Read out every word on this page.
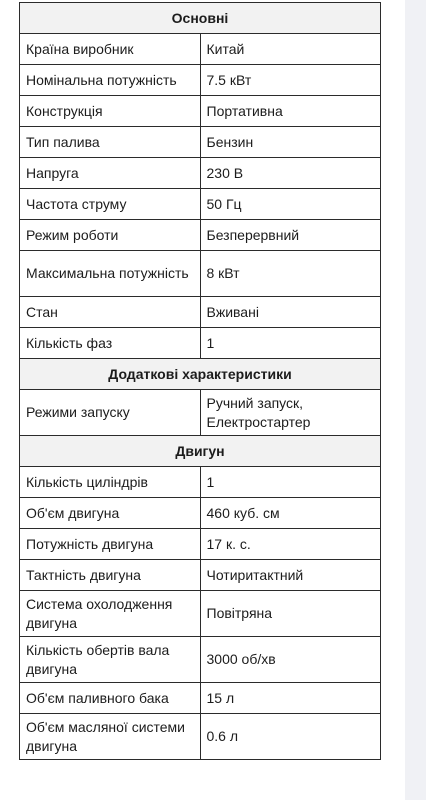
Основні	
Країна виробник	Китай
Номінальна потужність	7.5 кВт
Конструкція	Портативна
Тип палива	Бензин
Напруга	230 В
Частота струму	50 Гц
Режим роботи	Безперервний
Максимальна потужність	8 кВт
Стан	Вживані
Кількість фаз	1
Додаткові характеристики	
Режими запуску	Ручний запуск, Електростартер
Двигун	
Кількість циліндрів	1
Об'єм двигуна	460 куб. см
Потужність двигуна	17 к. с.
Тактність двигуна	Чотиритактний
Система охолодження двигуна	Повітряна
Кількість обертів вала двигуна	3000 об/хв
Об'єм паливного бака	15 л
Об'єм масляної системи двигуна	0.6 л
